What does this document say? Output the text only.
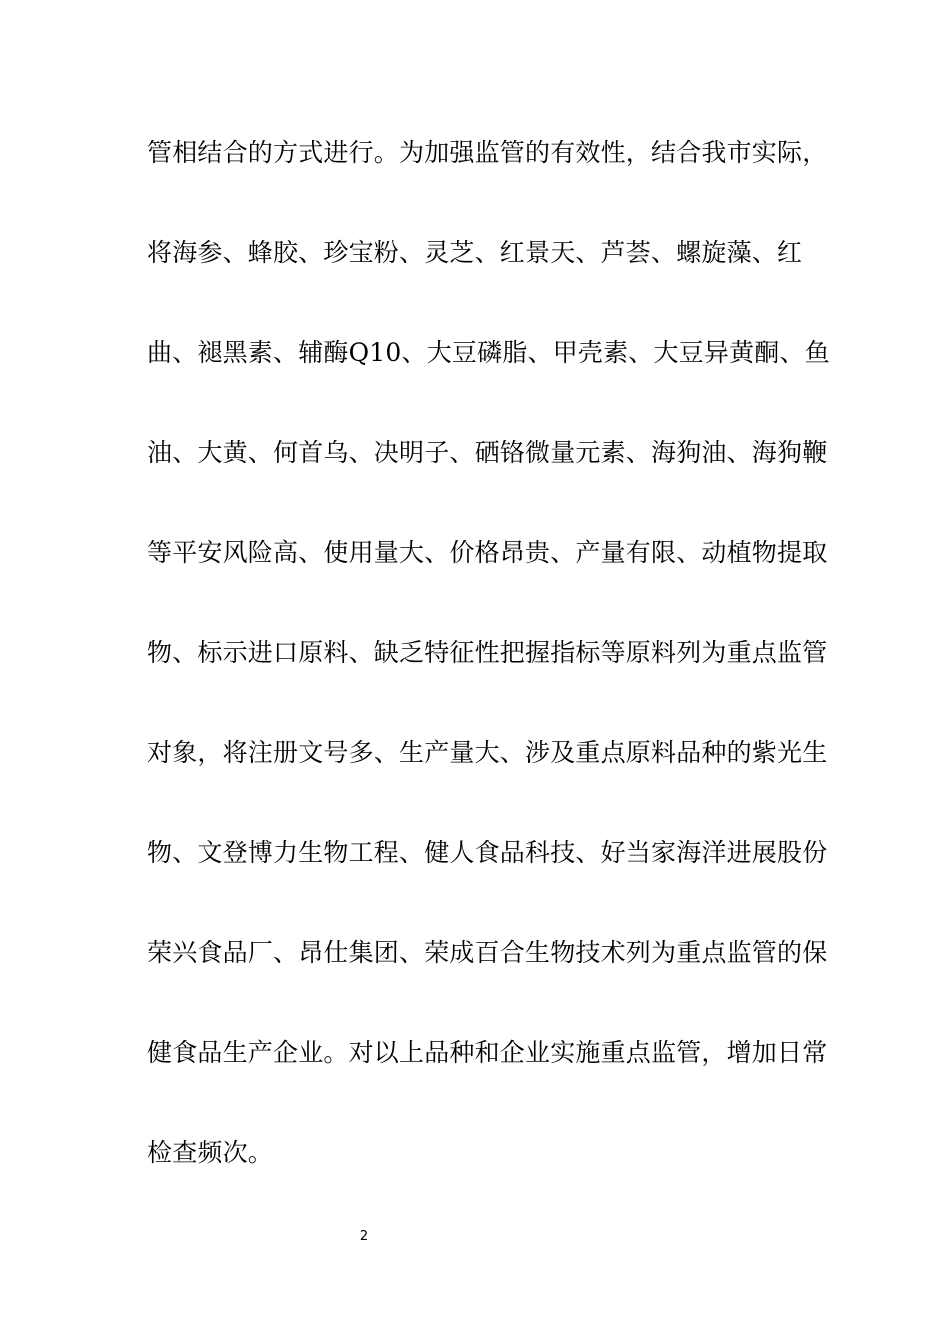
管相结合的方式进行。为加强监管的有效性，结合我市实际，
将海参、蜂胶、珍宝粉、灵芝、红景天、芦荟、螺旋藻、红
曲、褪黑素、辅酶Q10、大豆磷脂、甲壳素、大豆异黄酮、鱼
油、大黄、何首乌、决明子、硒铬微量元素、海狗油、海狗鞭
等平安风险高、使用量大、价格昂贵、产量有限、动植物提取
物、标示进口原料、缺乏特征性把握指标等原料列为重点监管
对象，将注册文号多、生产量大、涉及重点原料品种的紫光生
物、文登博力生物工程、健人食品科技、好当家海洋进展股份
荣兴食品厂、昂仕集团、荣成百合生物技术列为重点监管的保
健食品生产企业。对以上品种和企业实施重点监管，增加日常
检查频次。
2
